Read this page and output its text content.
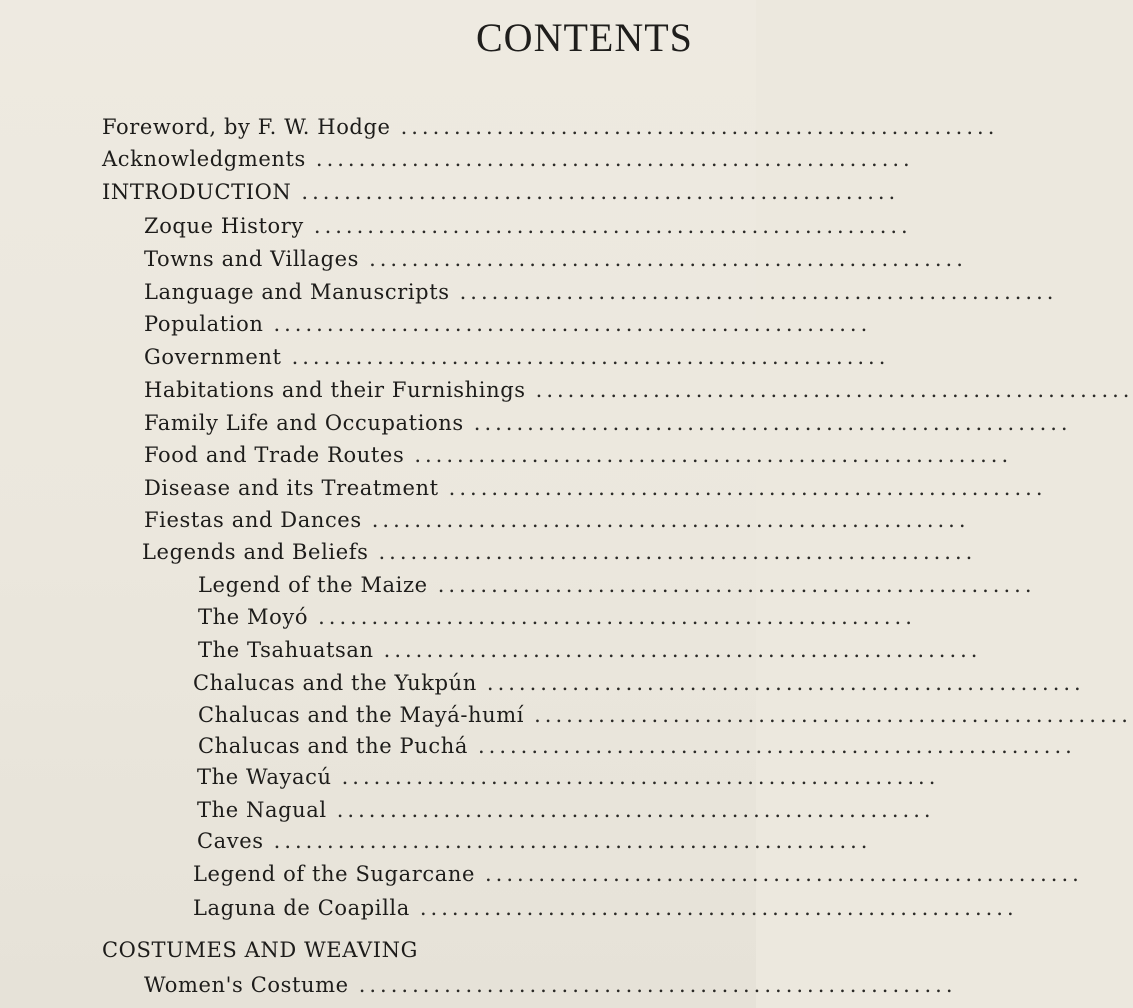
CONTENTS
Foreword, by F. W. Hodge ........................................................
Acknowledgments ........................................................
INTRODUCTION ........................................................
Zoque History ........................................................
Towns and Villages ........................................................
Language and Manuscripts ........................................................
Population ........................................................
Government ........................................................
Habitations and their Furnishings ........................................................
Family Life and Occupations ........................................................
Food and Trade Routes ........................................................
Disease and its Treatment ........................................................
Fiestas and Dances ........................................................
Legends and Beliefs ........................................................
Legend of the Maize ........................................................
The Moyó ........................................................
The Tsahuatsan ........................................................
Chalucas and the Yukpún ........................................................
Chalucas and the Mayá-humí ........................................................
Chalucas and the Puchá ........................................................
The Wayacú ........................................................
The Nagual ........................................................
Caves ........................................................
Legend of the Sugarcane ........................................................
Laguna de Coapilla ........................................................
COSTUMES AND WEAVING
Women's Costume ........................................................
